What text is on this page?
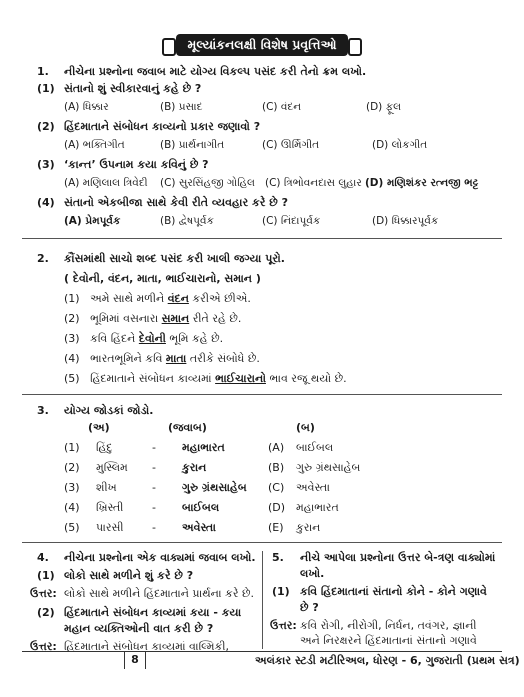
મૂલ્યાંકનલક્ષી વિશેષ પ્રવૃત્તિઓ
1. નીચેના પ્રશ્નોના જવાબ માટે યોગ્ય વિકલ્પ પસંદ કરી તેનો ક્રમ લખો.
(1) સંતાનો શું સ્વીકારવાનું કહે છે ?
(A) ધિક્કાર	(B) પ્રસાદ	(C) વંદન	(D) ફૂલ
(2) હિંદમાતાને સંબોધન કાવ્યનો પ્રકાર જણાવો ?
(A) ભક્તિગીત	(B) પ્રાર્થનાગીત	(C) ઊર્મિગીત	(D) લોકગીત
(3) ‘કાન્ત’ ઉપનામ કયા કવિનું છે ?
(A) મણિલાલ ત્રિવેદી (C) સુરસિંહજી ગોહિલ (C) ત્રિભોવનદાસ લુહાર (D) મણિશંકર રત્નજી ભટ્ટ
(4) સંતાનો એકબીજા સાથે કેવી રીતે વ્યવહાર કરે છે ?
(A) પ્રેમપૂર્વક	(B) દ્વેષપૂર્વક	(C) નિંદાપૂર્વક	(D) ધિક્કારપૂર્વક
2. કૌંસમાંથી સાચો શબ્દ પસંદ કરી ખાલી જગ્યા પૂરો.
( દેવોની, વંદન, માતા, ભાઈચારાનો, સમાન )
(1) અમે સાથે મળીને વંદન કરીએ છીએ.
(2) ભૂમિમાં વસનારા સમાન રીતે રહે છે.
(3) કવિ હિંદને દેવોની ભૂમિ કહે છે.
(4) ભારતભૂમિને કવિ માતા તરીકે સંબોધે છે.
(5) હિંદમાતાને સંબોધન કાવ્યમાં ભાઈચારાનો ભાવ રજૂ થયો છે.
3. યોગ્ય જોડકાં જોડો.
(અ)	(જવાબ)	(બ)
(1) હિંદુ	- મહાભારત	(A) બાઈબલ
(2) મુસ્લિમ - કુરાન	(B) ગુરુ ગ્રંથસાહેબ
(3) શીખ	- ગુરુ ગ્રંથસાહેબ (C) અવેસ્તા
(4) ખ્રિસ્તી	- બાઈબલ	(D) મહાભારત
(5) પારસી	- અવેસ્તા	(E) કુરાન
4. નીચેના પ્રશ્નોના એક વાક્યમાં જવાબ લખો.
(1) લોકો સાથે મળીને શું કરે છે ?
ઉત્તર: લોકો સાથે મળીને હિંદમાતાને પ્રાર્થના કરે છે.
(2) હિંદમાતાને સંબોધન કાવ્યમાં કયા - કયા
મહાન વ્યક્તિઓની વાત કરી છે ?
ઉત્તર: હિંદમાતાને સંબોધન કાવ્યમાં વાલ્મિકી,
5. નીચે આપેલા પ્રશ્નોના ઉત્તર બે-ત્રણ વાક્યોમાં
લખો.
(1) કવિ હિંદમાતાનાં સંતાનો કોને - કોને ગણાવે
છે ?
ઉત્તર: કવિ રોગી, નીરોગી, નિર્ધન, તવંગર, જ્ઞાની
અને નિરક્ષરને હિંદમાતાનાં સંતાનો ગણાવે
8	અલંકાર સ્ટડી મટીરિઅલ, ધોરણ - 6, ગુજરાતી (પ્રથમ સત્ર)
